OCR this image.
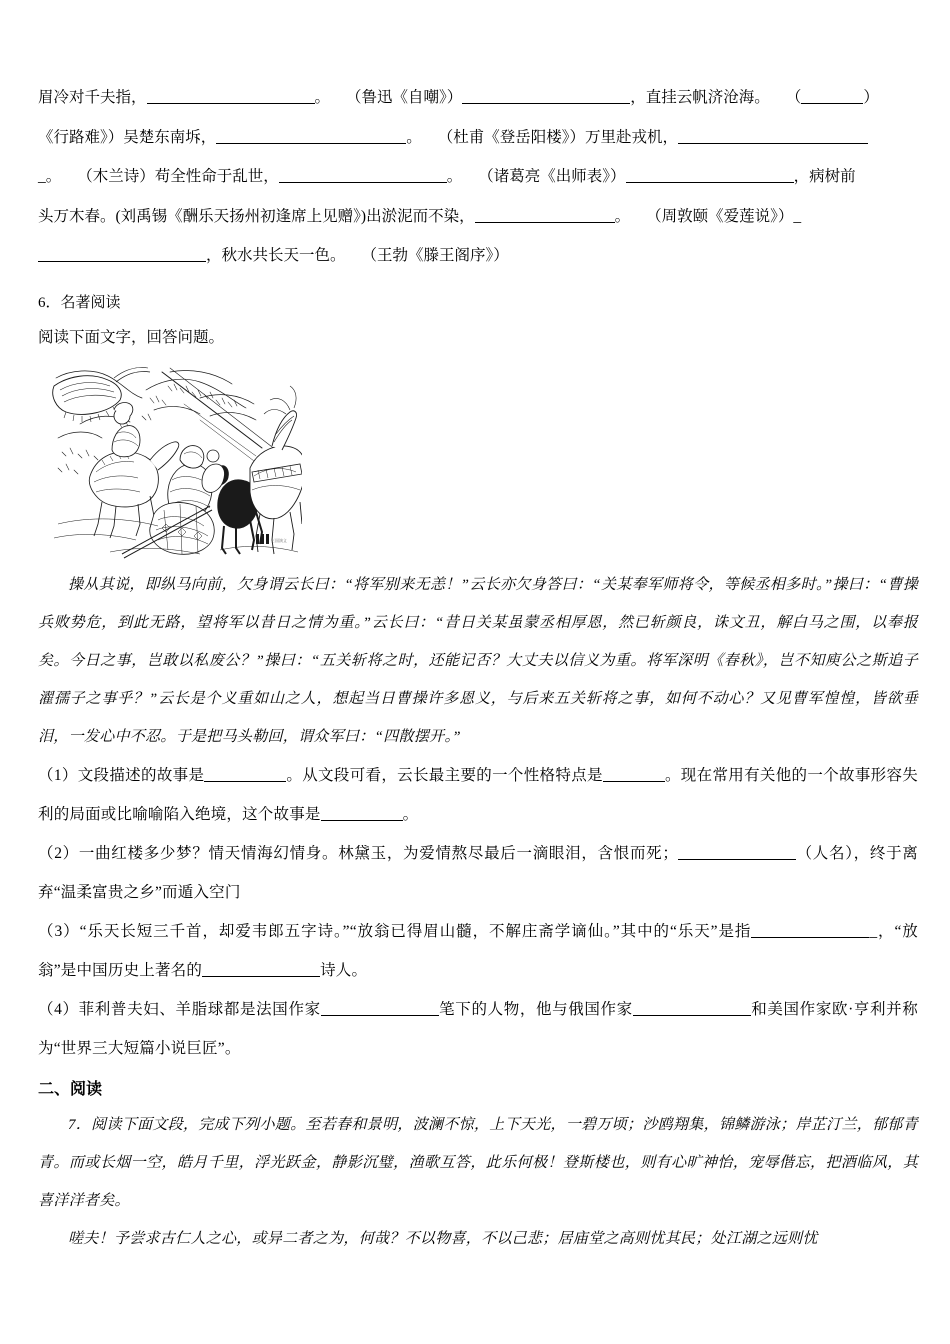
眉冷对千夫指，	。 （鲁迅《自嘲》）	，直挂云帆济沧海。 （	）

《行路难》）吴楚东南坼，	。 （杜甫《登岳阳楼》）万里赴戎机，

_。 （木兰诗）苟全性命于乱世，	。 （诸葛亮《出师表》）	，病树前

头万木春。(刘禹锡《酬乐天扬州初逢席上见赠》)出淤泥而不染，	。 （周敦颐《爱莲说》）_

，秋水共长天一色。 （王勃《滕王阁序》）

6．名著阅读

阅读下面文字，回答问题。

三国演义

操从其说，即纵马向前，欠身谓云长曰：“将军别来无恙！”云长亦欠身答曰：“关某奉军师将令，等候丞相多时。”操曰：“曹操兵败势危，到此无路，望将军以昔日之情为重。”云长曰：“昔日关某虽蒙丞相厚恩，然已斩颜良，诛文丑，解白马之围，以奉报矣。今日之事，岂敢以私废公？”操曰：“五关斩将之时，还能记否？大丈夫以信义为重。将军深明《春秋》，岂不知庾公之斯追子濯孺子之事乎？”云长是个义重如山之人，想起当日曹操许多恩义，与后来五关斩将之事，如何不动心？又见曹军惶惶，皆欲垂泪，一发心中不忍。于是把马头勒回，谓众军曰：“四散摆开。”

（1）文段描述的故事是	。从文段可看，云长最主要的一个性格特点是	。现在常用有关他的一个故事形容失利的局面或比喻喻陷入绝境，这个故事是	。

（2）一曲红楼多少梦？情天情海幻情身。林黛玉，为爱情熬尽最后一滴眼泪，含恨而死；	（人名），终于离弃“温柔富贵之乡”而遁入空门

（3）“乐天长短三千首，却爱韦郎五字诗。”“放翁已得眉山髓，不解庄斋学谪仙。”其中的“乐天”是指	_，“放翁”是中国历史上著名的	诗人。

（4）菲利普夫妇、羊脂球都是法国作家	笔下的人物，他与俄国作家	和美国作家欧·亨利并称为“世界三大短篇小说巨匠”。

二、阅读

7．阅读下面文段，完成下列小题。至若春和景明，波澜不惊，上下天光，一碧万顷；沙鸥翔集，锦鳞游泳；岸芷汀兰，郁郁青青。而或长烟一空，皓月千里，浮光跃金，静影沉璧，渔歌互答，此乐何极！登斯楼也，则有心旷神怡，宠辱偕忘，把酒临风，其喜洋洋者矣。

嗟夫！予尝求古仁人之心，或异二者之为，何哉？不以物喜，不以己悲；居庙堂之高则忧其民；处江湖之远则忧
